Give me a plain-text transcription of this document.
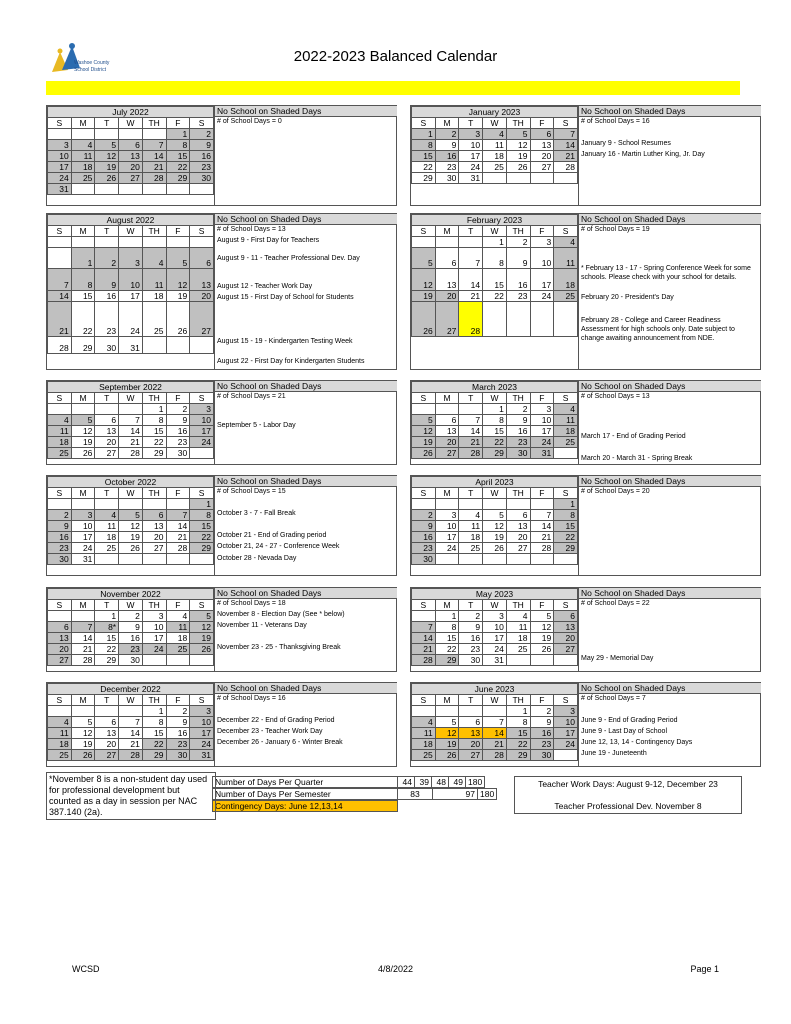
Washoe County
School District
2022-2023 Balanced Calendar
July 2022						
S	M	T	W	TH	F	S
					1	2
3	4	5	6	7	8	9
10	11	12	13	14	15	16
17	18	19	20	21	22	23
24	25	26	27	28	29	30
31						
No School on Shaded Days
# of School Days = 0
January 2023						
S	M	T	W	TH	F	S
1	2	3	4	5	6	7
8	9	10	11	12	13	14
15	16	17	18	19	20	21
22	23	24	25	26	27	28
29	30	31				
No School on Shaded Days
# of School Days = 16
January 9 - School Resumes
January 16 - Martin Luther King, Jr. Day
August 2022						
S	M	T	W	TH	F	S

	1	2	3	4	5	6
7	8	9	10	11	12	13
14	15	16	17	18	19	20
21	22	23	24	25	26	27
28	29	30	31			
No School on Shaded Days
# of School Days = 13
August 9 - First Day for Teachers
August 9 - 11 - Teacher Professional Dev. Day
August 12 - Teacher Work Day
August 15 - First Day of School for Students
August 15 - 19 - Kindergarten Testing Week
August 22 - First Day for Kindergarten Students
February 2023						
S	M	T	W	TH	F	S
			1	2	3	4
5	6	7	8	9	10	11
12	13	14	15	16	17	18
19	20	21	22	23	24	25
26	27	28				
No School on Shaded Days
# of School Days = 19
* February 13 - 17 - Spring Conference Week for some schools. Please check with your school for details.
February 20 - President's Day
February 28 - College and Career Readiness Assessment for high schools only. Date subject to change awaiting announcement from NDE.
September 2022						
S	M	T	W	TH	F	S
				1	2	3
4	5	6	7	8	9	10
11	12	13	14	15	16	17
18	19	20	21	22	23	24
25	26	27	28	29	30	
No School on Shaded Days
# of School Days = 21
September 5 - Labor Day
March 2023						
S	M	T	W	TH	F	S
			1	2	3	4
5	6	7	8	9	10	11
12	13	14	15	16	17	18
19	20	21	22	23	24	25
26	27	28	29	30	31	
No School on Shaded Days
# of School Days = 13
March 17 - End of Grading Period
March 20 - March 31 - Spring Break
October 2022						
S	M	T	W	TH	F	S
						1
2	3	4	5	6	7	8
9	10	11	12	13	14	15
16	17	18	19	20	21	22
23	24	25	26	27	28	29
30	31					
No School on Shaded Days
# of School Days = 15
October 3 - 7 - Fall Break
October 21 - End of Grading period
October 21, 24 - 27 - Conference Week
October 28 - Nevada Day
April 2023						
S	M	T	W	TH	F	S
						1
2	3	4	5	6	7	8
9	10	11	12	13	14	15
16	17	18	19	20	21	22
23	24	25	26	27	28	29
30						
No School on Shaded Days
# of School Days = 20
November 2022						
S	M	T	W	TH	F	S
		1	2	3	4	5
6	7	8*	9	10	11	12
13	14	15	16	17	18	19
20	21	22	23	24	25	26
27	28	29	30			
No School on Shaded Days
# of School Days = 18
November 8 - Election Day (See * below)
November 11 - Veterans Day
November 23 - 25 - Thanksgiving Break
May 2023						
S	M	T	W	TH	F	S
	1	2	3	4	5	6
7	8	9	10	11	12	13
14	15	16	17	18	19	20
21	22	23	24	25	26	27
28	29	30	31			
No School on Shaded Days
# of School Days = 22
May 29 - Memorial Day
December 2022						
S	M	T	W	TH	F	S
				1	2	3
4	5	6	7	8	9	10
11	12	13	14	15	16	17
18	19	20	21	22	23	24
25	26	27	28	29	30	31
No School on Shaded Days
# of School Days = 16
December 22 - End of Grading Period
December 23 - Teacher Work Day
December 26 - January 6 - Winter Break
June 2023						
S	M	T	W	TH	F	S
				1	2	3
4	5	6	7	8	9	10
11	12	13	14	15	16	17
18	19	20	21	22	23	24
25	26	27	28	29	30	
No School on Shaded Days
# of School Days = 7
June 9 - End of Grading Period
June 9 - Last Day of School
June 12, 13, 14 - Contingency Days
June 19 - Juneteenth
Number of Days Per Quarter	44	39	48	49	180
Number of Days Per Semester	83	97	180
Contingency Days: June 12,13,14
*November 8 is a non-student day used for professional development but counted as a day in session per NAC 387.140 (2a).
Teacher Work Days: August 9-12, December 23
Teacher Professional Dev. November 8
WCSD	4/8/2022	Page 1
